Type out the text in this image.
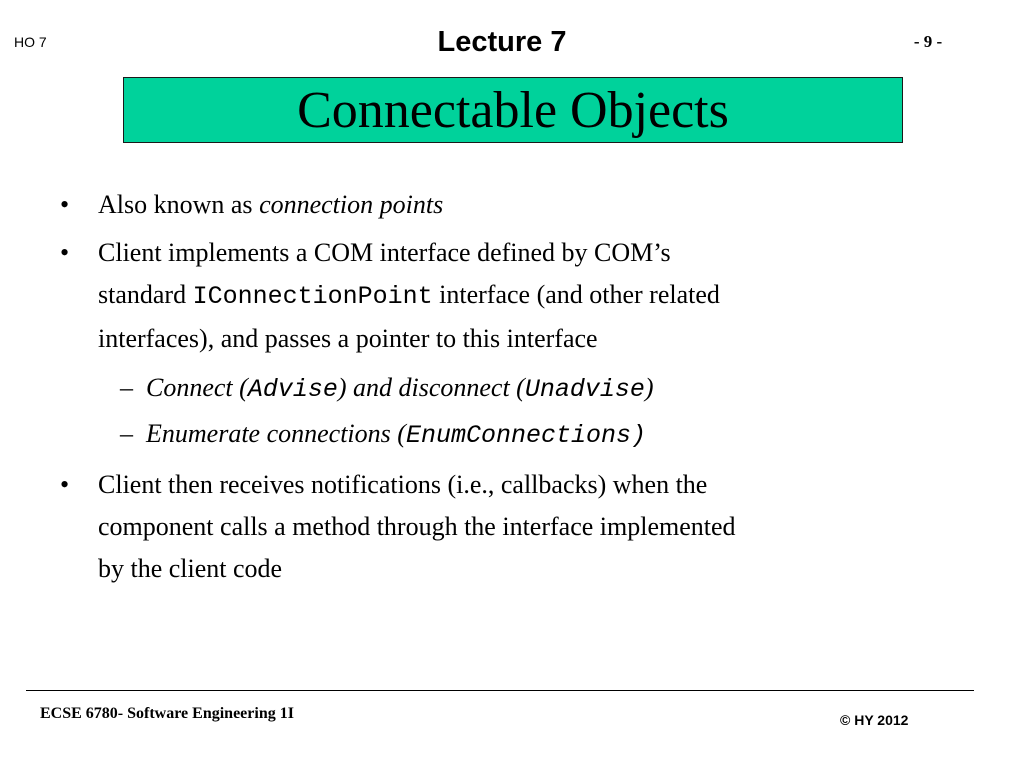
HO 7	Lecture 7	- 9 -
Connectable Objects
• Also known as connection points
• Client implements a COM interface defined by COM’s
standard IConnectionPoint interface (and other related
interfaces), and passes a pointer to this interface
– Connect (Advise) and disconnect (Unadvise)
– Enumerate connections (EnumConnections)
• Client then receives notifications (i.e., callbacks) when the
component calls a method through the interface implemented
by the client code
ECSE 6780- Software Engineering 1I	© HY 2012
